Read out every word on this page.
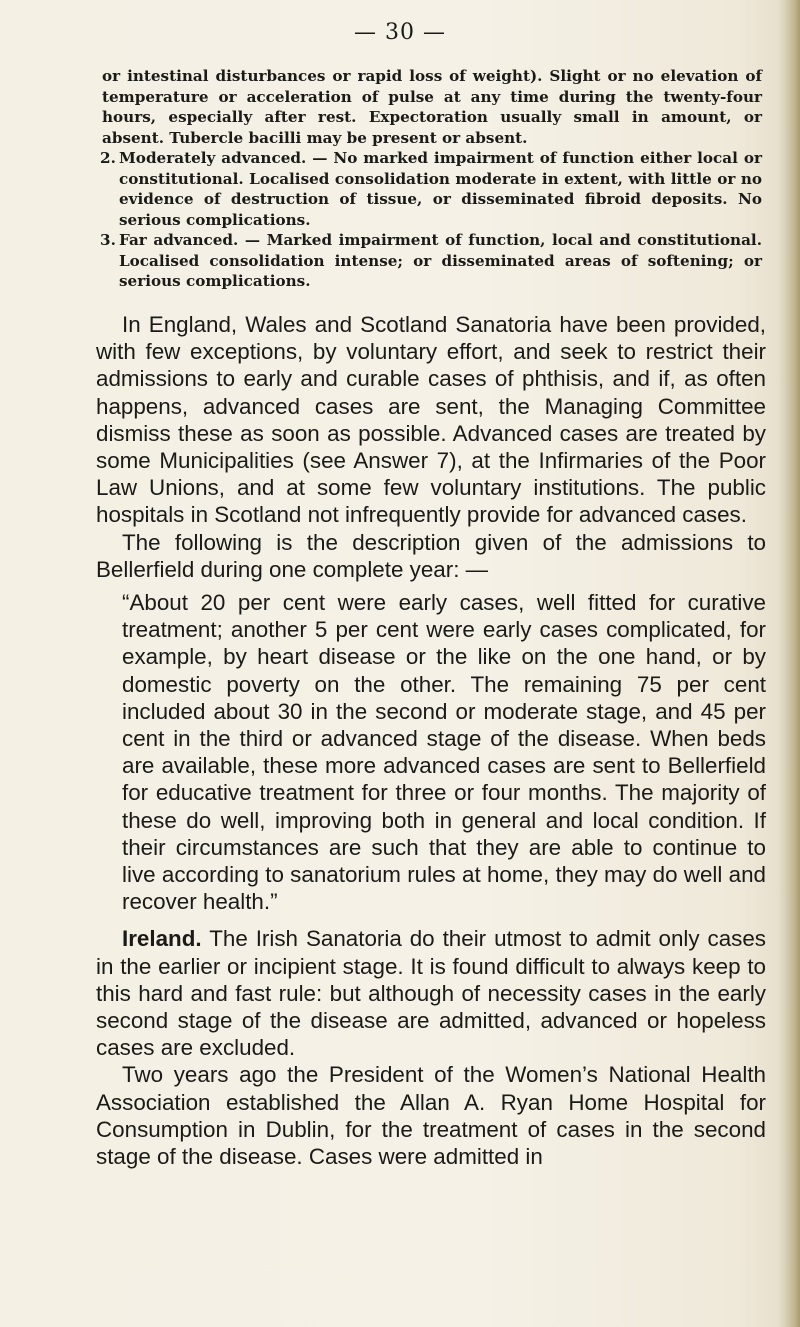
— 30 —

or intestinal disturbances or rapid loss of weight). Slight or no elevation of temperature or acceleration of pulse at any time during the twenty-four hours, especially after rest. Expectoration usually small in amount, or absent. Tubercle bacilli may be present or absent.

2. Moderately advanced. — No marked impairment of function either local or constitutional. Localised consolidation moderate in extent, with little or no evidence of destruction of tissue, or disseminated fibroid deposits. No serious complications.

3. Far advanced. — Marked impairment of function, local and constitutional. Localised consolidation intense; or disseminated areas of softening; or serious complications.

In England, Wales and Scotland Sanatoria have been provided, with few exceptions, by voluntary effort, and seek to restrict their admissions to early and curable cases of phthisis, and if, as often happens, advanced cases are sent, the Managing Committee dismiss these as soon as possible. Advanced cases are treated by some Municipalities (see Answer 7), at the Infirmaries of the Poor Law Unions, and at some few voluntary institutions. The public hospitals in Scotland not infrequently provide for advanced cases.

The following is the description given of the admissions to Bellerfield during one complete year: —

“About 20 per cent were early cases, well fitted for curative treatment; another 5 per cent were early cases complicated, for example, by heart disease or the like on the one hand, or by domestic poverty on the other. The remaining 75 per cent included about 30 in the second or moderate stage, and 45 per cent in the third or advanced stage of the disease. When beds are available, these more advanced cases are sent to Bellerfield for educative treatment for three or four months. The majority of these do well, improving both in general and local condition. If their circumstances are such that they are able to continue to live according to sanatorium rules at home, they may do well and recover health.”

Ireland. The Irish Sanatoria do their utmost to admit only cases in the earlier or incipient stage. It is found difficult to always keep to this hard and fast rule: but although of necessity cases in the early second stage of the disease are admitted, advanced or hopeless cases are excluded.

Two years ago the President of the Women’s National Health Association established the Allan A. Ryan Home Hospital for Consumption in Dublin, for the treatment of cases in the second stage of the disease. Cases were admitted in
